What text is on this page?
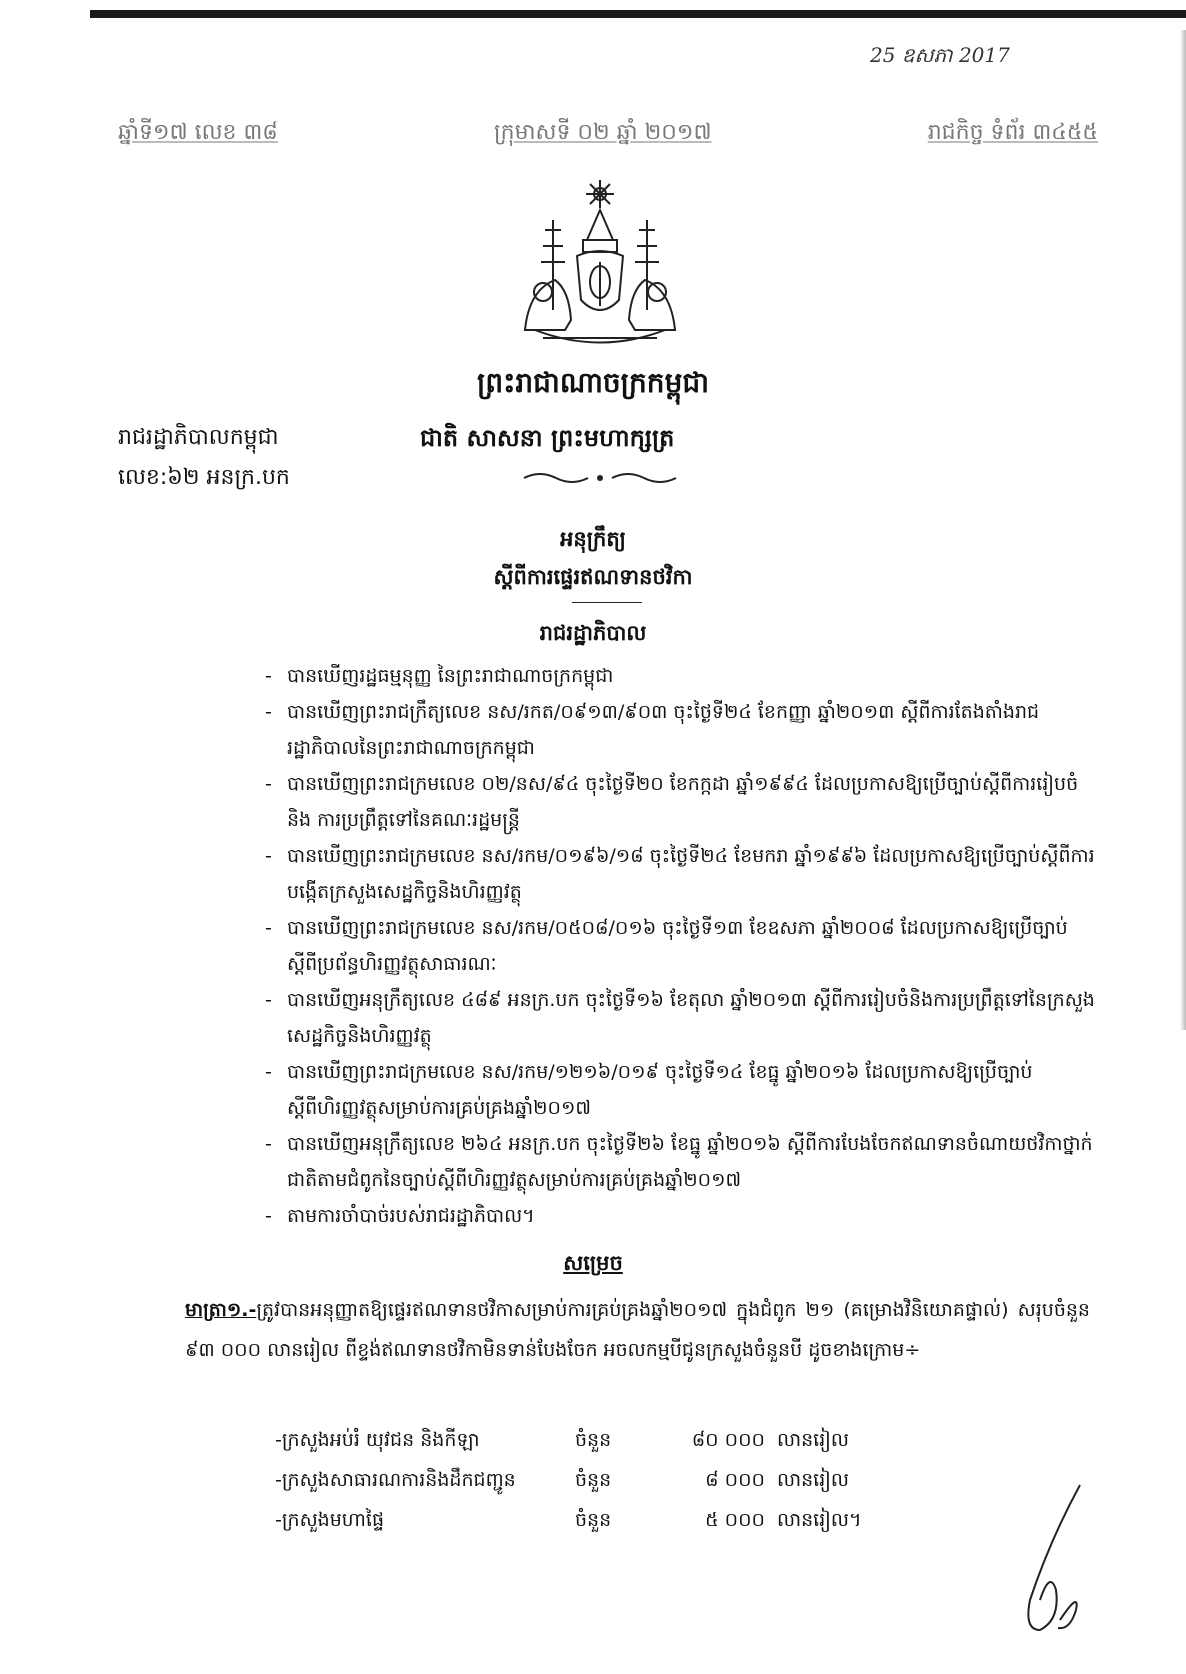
25 ឧសភា 2017
ឆ្នាំទី១៧ លេខ ៣៨	ក្រុមាសទី ០២ ឆ្នាំ ២០១៧	រាជកិច្ច ទំព័រ ៣៤៥៥
ព្រះរាជាណាចក្រកម្ពុជា
រាជរដ្ឋាភិបាលកម្ពុជា
លេខ:៦២ អនក្រ.បក
ជាតិ សាសនា ព្រះមហាក្សត្រ
អនុក្រឹត្យ
ស្តីពីការផ្ទេរឥណទានថវិកា
រាជរដ្ឋាភិបាល
- បានឃើញរដ្ឋធម្មនុញ្ញ នៃព្រះរាជាណាចក្រកម្ពុជា
- បានឃើញព្រះរាជក្រឹត្យលេខ នស/រកត/០៩១៣/៩០៣ ចុះថ្ងៃទី២៤ ខែកញ្ញា ឆ្នាំ២០១៣ ស្តីពីការតែងតាំងរាជរដ្ឋាភិបាលនៃព្រះរាជាណាចក្រកម្ពុជា
- បានឃើញព្រះរាជក្រមលេខ ០២/នស/៩៤ ចុះថ្ងៃទី២០ ខែកក្កដា ឆ្នាំ១៩៩៤ ដែលប្រកាសឱ្យប្រើច្បាប់ស្តីពីការរៀបចំ និង ការប្រព្រឹត្តទៅនៃគណៈរដ្ឋមន្ត្រី
- បានឃើញព្រះរាជក្រមលេខ នស/រកម/០១៩៦/១៨ ចុះថ្ងៃទី២៤ ខែមករា ឆ្នាំ១៩៩៦ ដែលប្រកាសឱ្យប្រើច្បាប់ស្តីពីការបង្កើតក្រសួងសេដ្ឋកិច្ចនិងហិរញ្ញវត្ថុ
- បានឃើញព្រះរាជក្រមលេខ នស/រកម/០៥០៨/០១៦ ចុះថ្ងៃទី១៣ ខែឧសភា ឆ្នាំ២០០៨ ដែលប្រកាសឱ្យប្រើច្បាប់ស្តីពីប្រព័ន្ធហិរញ្ញវត្ថុសាធារណៈ
- បានឃើញអនុក្រឹត្យលេខ ៤៨៩ អនក្រ.បក ចុះថ្ងៃទី១៦ ខែតុលា ឆ្នាំ២០១៣ ស្តីពីការរៀបចំនិងការប្រព្រឹត្តទៅនៃក្រសួងសេដ្ឋកិច្ចនិងហិរញ្ញវត្ថុ
- បានឃើញព្រះរាជក្រមលេខ នស/រកម/១២១៦/០១៩ ចុះថ្ងៃទី១៤ ខែធ្នូ ឆ្នាំ២០១៦ ដែលប្រកាសឱ្យប្រើច្បាប់ស្តីពីហិរញ្ញវត្ថុសម្រាប់ការគ្រប់គ្រងឆ្នាំ២០១៧
- បានឃើញអនុក្រឹត្យលេខ ២៦៤ អនក្រ.បក ចុះថ្ងៃទី២៦ ខែធ្នូ ឆ្នាំ២០១៦ ស្តីពីការបែងចែកឥណទានចំណាយថវិកាថ្នាក់ជាតិតាមជំពូកនៃច្បាប់ស្តីពីហិរញ្ញវត្ថុសម្រាប់ការគ្រប់គ្រងឆ្នាំ២០១៧
- តាមការចាំបាច់របស់រាជរដ្ឋាភិបាល។
សម្រេច
មាត្រា១.-ត្រូវបានអនុញ្ញាតឱ្យផ្ទេរឥណទានថវិកាសម្រាប់ការគ្រប់គ្រងឆ្នាំ២០១៧ ក្នុងជំពូក ២១ (គម្រោងវិនិយោគផ្ទាល់) សរុបចំនួន ៩៣ ០០០ លានរៀល ពីខ្ទង់ឥណទានថវិកាមិនទាន់បែងចែក អចលកម្មបីជូនក្រសួងចំនួនបី ដូចខាងក្រោម÷
-ក្រសួងអប់រំ យុវជន និងកីឡា	ចំនួន	៨០ ០០០ លានរៀល
-ក្រសួងសាធារណការនិងដឹកជញ្ជូន	ចំនួន	៨ ០០០ លានរៀល
-ក្រសួងមហាផ្ទៃ	ចំនួន	៥ ០០០ លានរៀល។
